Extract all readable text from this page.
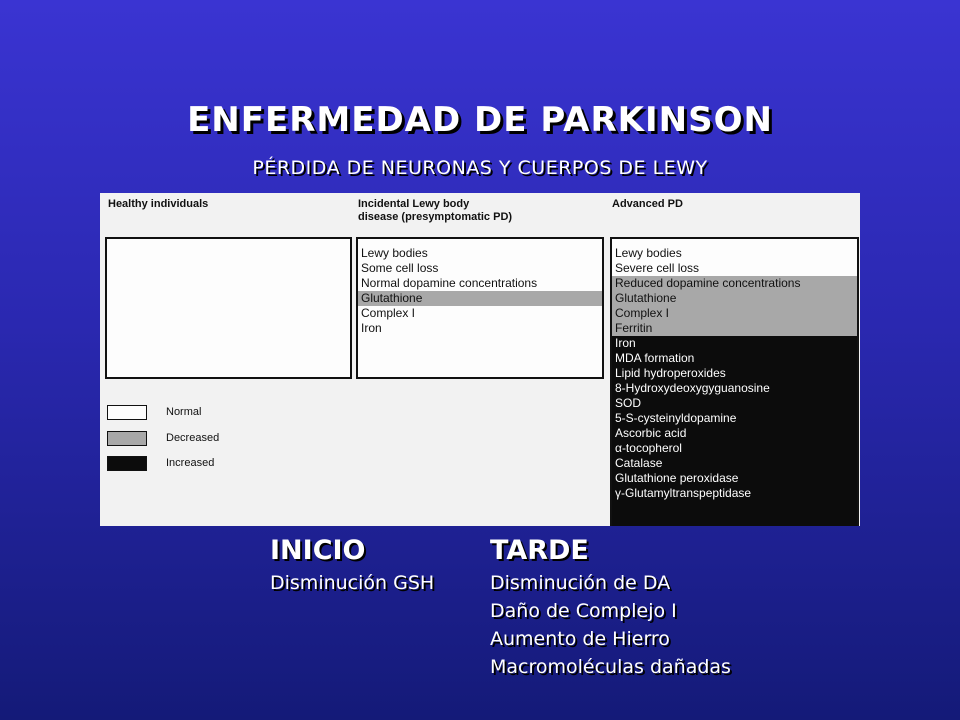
ENFERMEDAD DE PARKINSON
PÉRDIDA DE NEURONAS Y CUERPOS DE LEWY
Healthy individuals	Incidental Lewy body
disease (presymptomatic PD)
Advanced PD
Lewy bodies
Some cell loss
Normal dopamine concentrations
Glutathione
Complex I
Iron
Lewy bodies
Severe cell loss
Reduced dopamine concentrations
Glutathione
Complex I
Ferritin
Iron
MDA formation
Lipid hydroperoxides
8-Hydroxydeoxygyguanosine
SOD
5-S-cysteinyldopamine
Ascorbic acid
α-tocopherol
Catalase
Glutathione peroxidase
γ-Glutamyltranspeptidase
Normal
Decreased
Increased
INICIO
Disminución GSH
TARDE
Disminución de DA
Daño de Complejo I
Aumento de Hierro
Macromoléculas dañadas
